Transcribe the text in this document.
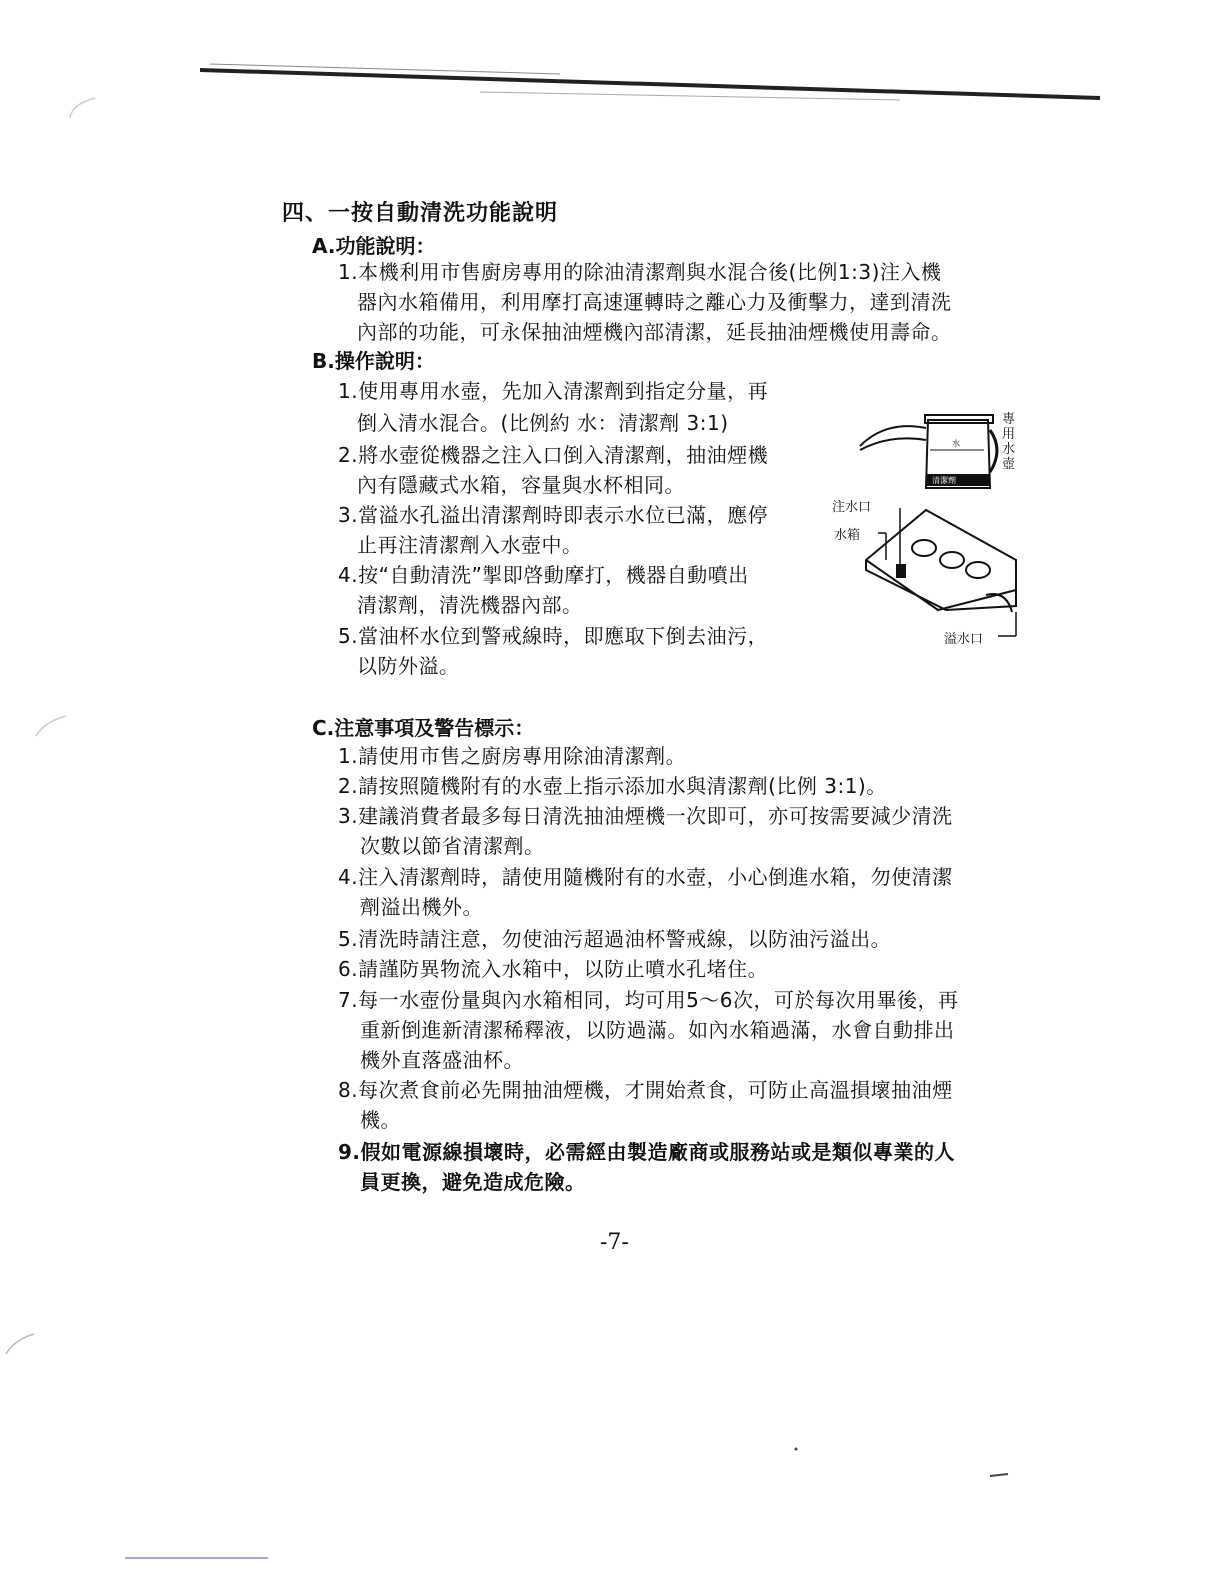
四、一按自動清洗功能說明
A.功能說明：
1.本機利用市售廚房專用的除油清潔劑與水混合後(比例1:3)注入機
器內水箱備用，利用摩打高速運轉時之離心力及衝擊力，達到清洗
內部的功能，可永保抽油煙機內部清潔，延長抽油煙機使用壽命。
B.操作說明：
1.使用專用水壺，先加入清潔劑到指定分量，再
倒入清水混合。(比例約 水：清潔劑 3:1)
2.將水壺從機器之注入口倒入清潔劑，抽油煙機
內有隱藏式水箱，容量與水杯相同。
3.當溢水孔溢出清潔劑時即表示水位已滿，應停
止再注清潔劑入水壺中。
4.按“自動清洗”掣即啓動摩打，機器自動噴出
清潔劑，清洗機器內部。
5.當油杯水位到警戒線時，即應取下倒去油污，
以防外溢。
專
用
水
壺
水
清潔劑
注水口
水箱
溢水口
C.注意事項及警告標示：
1.請使用市售之廚房專用除油清潔劑。
2.請按照隨機附有的水壺上指示添加水與清潔劑(比例 3:1)。
3.建議消費者最多每日清洗抽油煙機一次即可，亦可按需要減少清洗
次數以節省清潔劑。
4.注入清潔劑時，請使用隨機附有的水壺，小心倒進水箱，勿使清潔
劑溢出機外。
5.清洗時請注意，勿使油污超過油杯警戒線，以防油污溢出。
6.請謹防異物流入水箱中，以防止噴水孔堵住。
7.每一水壺份量與內水箱相同，均可用5～6次，可於每次用畢後，再
重新倒進新清潔稀釋液，以防過滿。如內水箱過滿，水會自動排出
機外直落盛油杯。
8.每次煮食前必先開抽油煙機，才開始煮食，可防止高溫損壞抽油煙
機。
9.假如電源線損壞時，必需經由製造廠商或服務站或是類似專業的人
員更換，避免造成危險。
-7-
